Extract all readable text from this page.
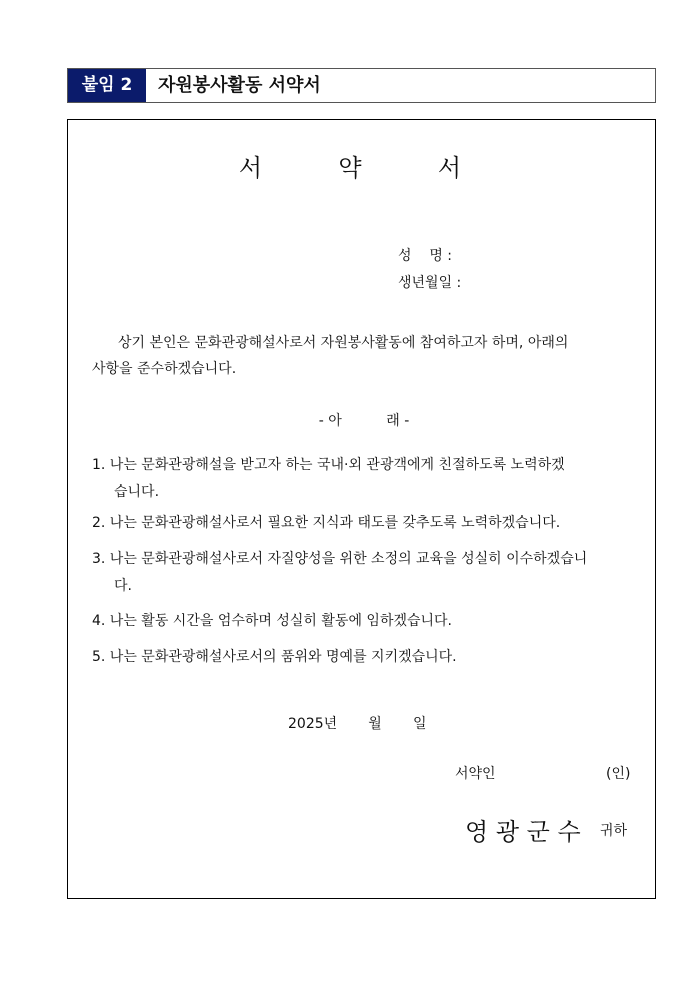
붙임 2	자원봉사활동 서약서
서          약          서
성    명 :
생년월일 :
상기 본인은 문화관광해설사로서 자원봉사활동에 참여하고자 하며, 아래의
사항을 준수하겠습니다.
- 아          래 -
1. 나는 문화관광해설을 받고자 하는 국내·외 관광객에게 친절하도록 노력하겠
습니다.
2. 나는 문화관광해설사로서 필요한 지식과 태도를 갖추도록 노력하겠습니다.
3. 나는 문화관광해설사로서 자질양성을 위한 소정의 교육을 성실히 이수하겠습니
다.
4. 나는 활동 시간을 엄수하며 성실히 활동에 임하겠습니다.
5. 나는 문화관광해설사로서의 품위와 명예를 지키겠습니다.
2025년       월       일
서약인	(인)
영 광 군 수 귀하
